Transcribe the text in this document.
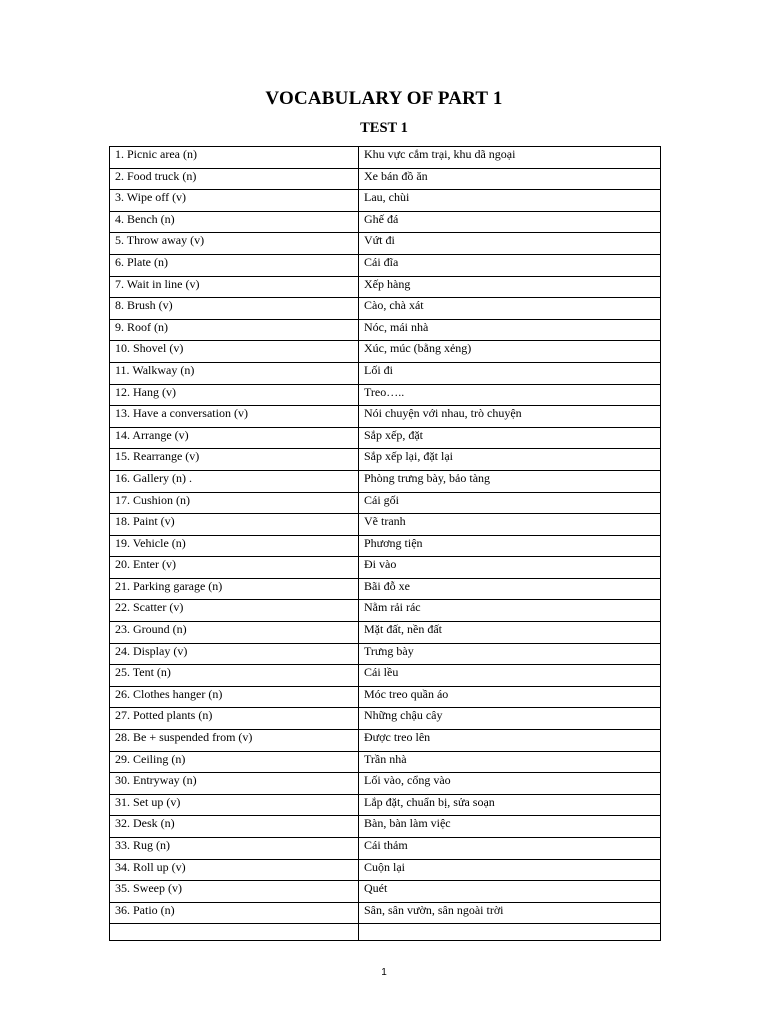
VOCABULARY OF PART 1
TEST 1
1. Picnic area (n)	Khu vực cắm trại, khu dã ngoại
2. Food truck (n)	Xe bán đồ ăn
3. Wipe off (v)	Lau, chùi
4. Bench (n)	Ghế đá
5. Throw away (v)	Vứt đi
6. Plate (n)	Cái đĩa
7. Wait in line (v)	Xếp hàng
8. Brush (v)	Cào, chà xát
9. Roof (n)	Nóc, mái nhà
10. Shovel (v)	Xúc, múc (bằng xẻng)
11. Walkway (n)	Lối đi
12. Hang (v)	Treo…..
13. Have a conversation (v)	Nói chuyện với nhau, trò chuyện
14. Arrange (v)	Sắp xếp, đặt
15. Rearrange (v)	Sắp xếp lại, đặt lại
16. Gallery (n) .	Phòng trưng bày, bảo tàng
17. Cushion (n)	Cái gối
18. Paint (v)	Vẽ tranh
19. Vehicle (n)	Phương tiện
20. Enter (v)	Đi vào
21. Parking garage (n)	Bãi đỗ xe
22. Scatter (v)	Nằm rải rác
23. Ground (n)	Mặt đất, nền đất
24. Display (v)	Trưng bày
25. Tent (n)	Cái lều
26. Clothes hanger (n)	Móc treo quần áo
27. Potted plants (n)	Những chậu cây
28. Be + suspended from (v)	Được treo lên
29. Ceiling (n)	Trần nhà
30. Entryway (n)	Lối vào, cổng vào
31. Set up (v)	Lắp đặt, chuẩn bị, sửa soạn
32. Desk (n)	Bàn, bàn làm việc
33. Rug (n)	Cái thảm
34. Roll up (v)	Cuộn lại
35. Sweep (v)	Quét
36. Patio (n)	Sân, sân vườn, sân ngoài trời

1
